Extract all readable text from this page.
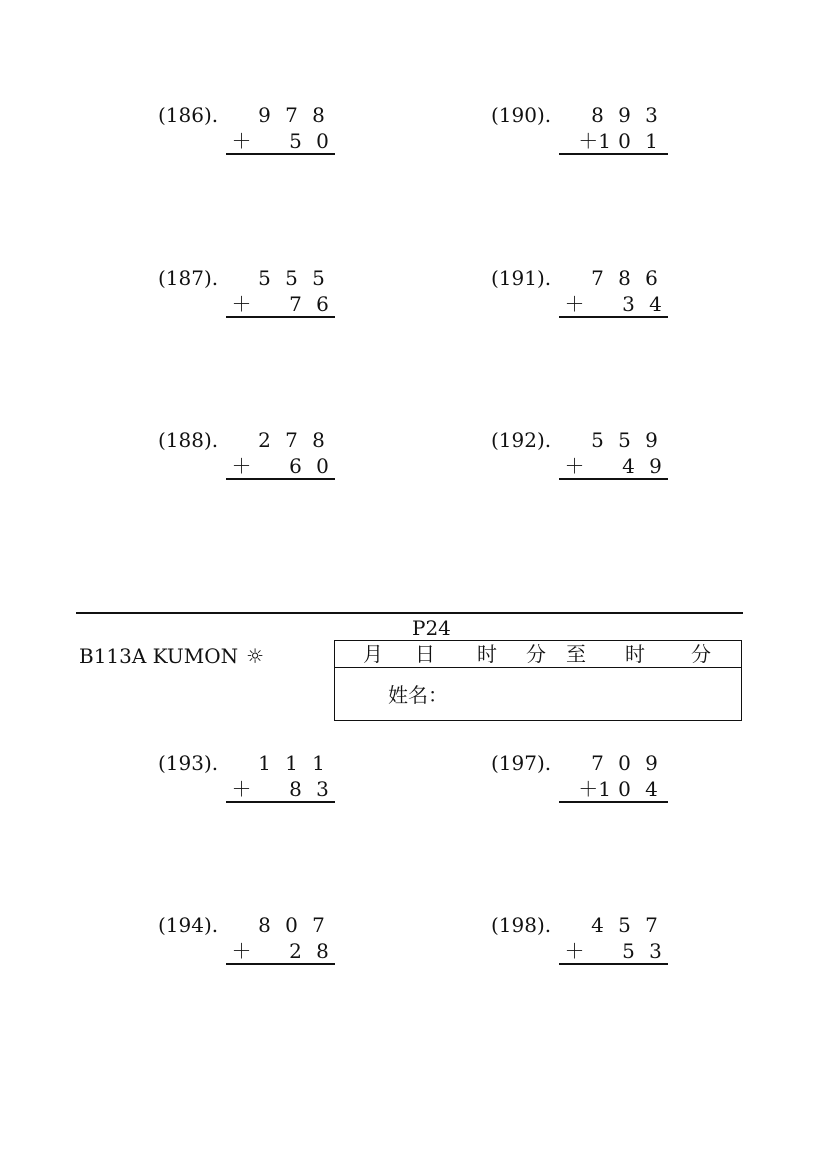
(186).	9 7 8
＋	5 0
(190).	8 9 3
＋1 0 1
(187).	5 5 5
＋	7 6
(191).	7 8 6
＋	3 4
(188).	2 7 8
＋	6 0
(192).	5 5 9
＋	4 9
(193).	1 1 1
＋	8 3
(197).	7 0 9
＋1 0 4
(194).	8 0 7
＋	2 8
(198).	4 5 7
＋	5 3
P24
B113A KUMON ☼	月 日 时 分 至 时 分
姓名：
